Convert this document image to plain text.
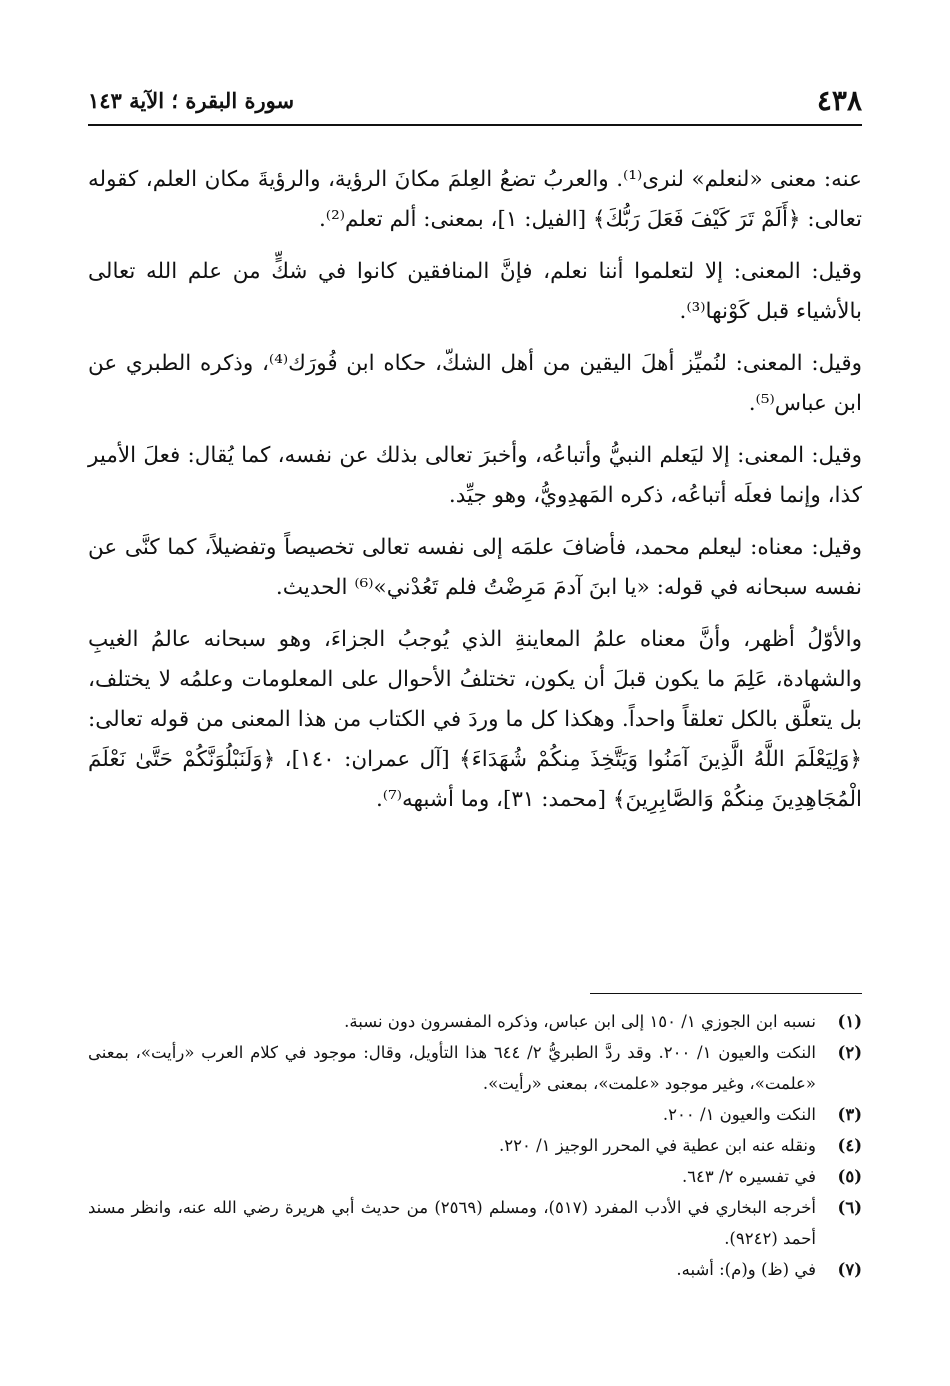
٤٣٨
سورة البقرة ؛ الآية ١٤٣

عنه: معنى «لنعلم» لنرى⁽¹⁾. والعربُ تضعُ العِلمَ مكانَ الرؤية، والرؤيةَ مكان العلم، كقوله تعالى: ﴿أَلَمْ تَرَ كَيْفَ فَعَلَ رَبُّكَ﴾ [الفيل: ١]، بمعنى: ألم تعلم⁽²⁾.

وقيل: المعنى: إلا لتعلموا أننا نعلم، فإنَّ المنافقين كانوا في شكٍّ من علم الله تعالى بالأشياء قبل كَوْنها⁽³⁾.

وقيل: المعنى: لنُميِّز أهلَ اليقين من أهل الشكّ، حكاه ابن فُورَك⁽⁴⁾، وذكره الطبري عن ابن عباس⁽⁵⁾.

وقيل: المعنى: إلا ليَعلم النبيُّ وأتباعُه، وأخبرَ تعالى بذلك عن نفسه، كما يُقال: فعلَ الأمير كذا، وإنما فعلَه أتباعُه، ذكره المَهدِويُّ، وهو جيِّد.

وقيل: معناه: ليعلم محمد، فأضافَ علمَه إلى نفسه تعالى تخصيصاً وتفضيلاً، كما كنَّى عن نفسه سبحانه في قوله: «يا ابنَ آدمَ مَرِضْتُ فلم تَعُدْني»⁽⁶⁾ الحديث.

والأوّلُ أظهر، وأنَّ معناه علمُ المعاينةِ الذي يُوجبُ الجزاءَ، وهو سبحانه عالمُ الغيبِ والشهادة، عَلِمَ ما يكون قبلَ أن يكون، تختلفُ الأحوال على المعلومات وعلمُه لا يختلف، بل يتعلَّق بالكل تعلقاً واحداً. وهكذا كل ما وردَ في الكتاب من هذا المعنى من قوله تعالى: ﴿وَلِيَعْلَمَ اللَّهُ الَّذِينَ آمَنُوا وَيَتَّخِذَ مِنكُمْ شُهَدَاءَ﴾ [آل عمران: ١٤٠]، ﴿وَلَنَبْلُوَنَّكُمْ حَتَّىٰ نَعْلَمَ الْمُجَاهِدِينَ مِنكُمْ وَالصَّابِرِينَ﴾ [محمد: ٣١]، وما أشبهه⁽⁷⁾.

(١)
نسبه ابن الجوزي ١/ ١٥٠ إلى ابن عباس، وذكره المفسرون دون نسبة.
(٢)
النكت والعيون ١/ ٢٠٠. وقد ردَّ الطبريُّ ٢/ ٦٤٤ هذا التأويل، وقال: موجود في كلام العرب «رأيت»، بمعنى «علمت»، وغير موجود «علمت»، بمعنى «رأيت».
(٣)
النكت والعيون ١/ ٢٠٠.
(٤)
ونقله عنه ابن عطية في المحرر الوجيز ١/ ٢٢٠.
(٥)
في تفسيره ٢/ ٦٤٣.
(٦)
أخرجه البخاري في الأدب المفرد (٥١٧)، ومسلم (٢٥٦٩) من حديث أبي هريرة رضي الله عنه، وانظر مسند أحمد (٩٢٤٢).
(٧)
في (ظ) و(م): أشبه.
